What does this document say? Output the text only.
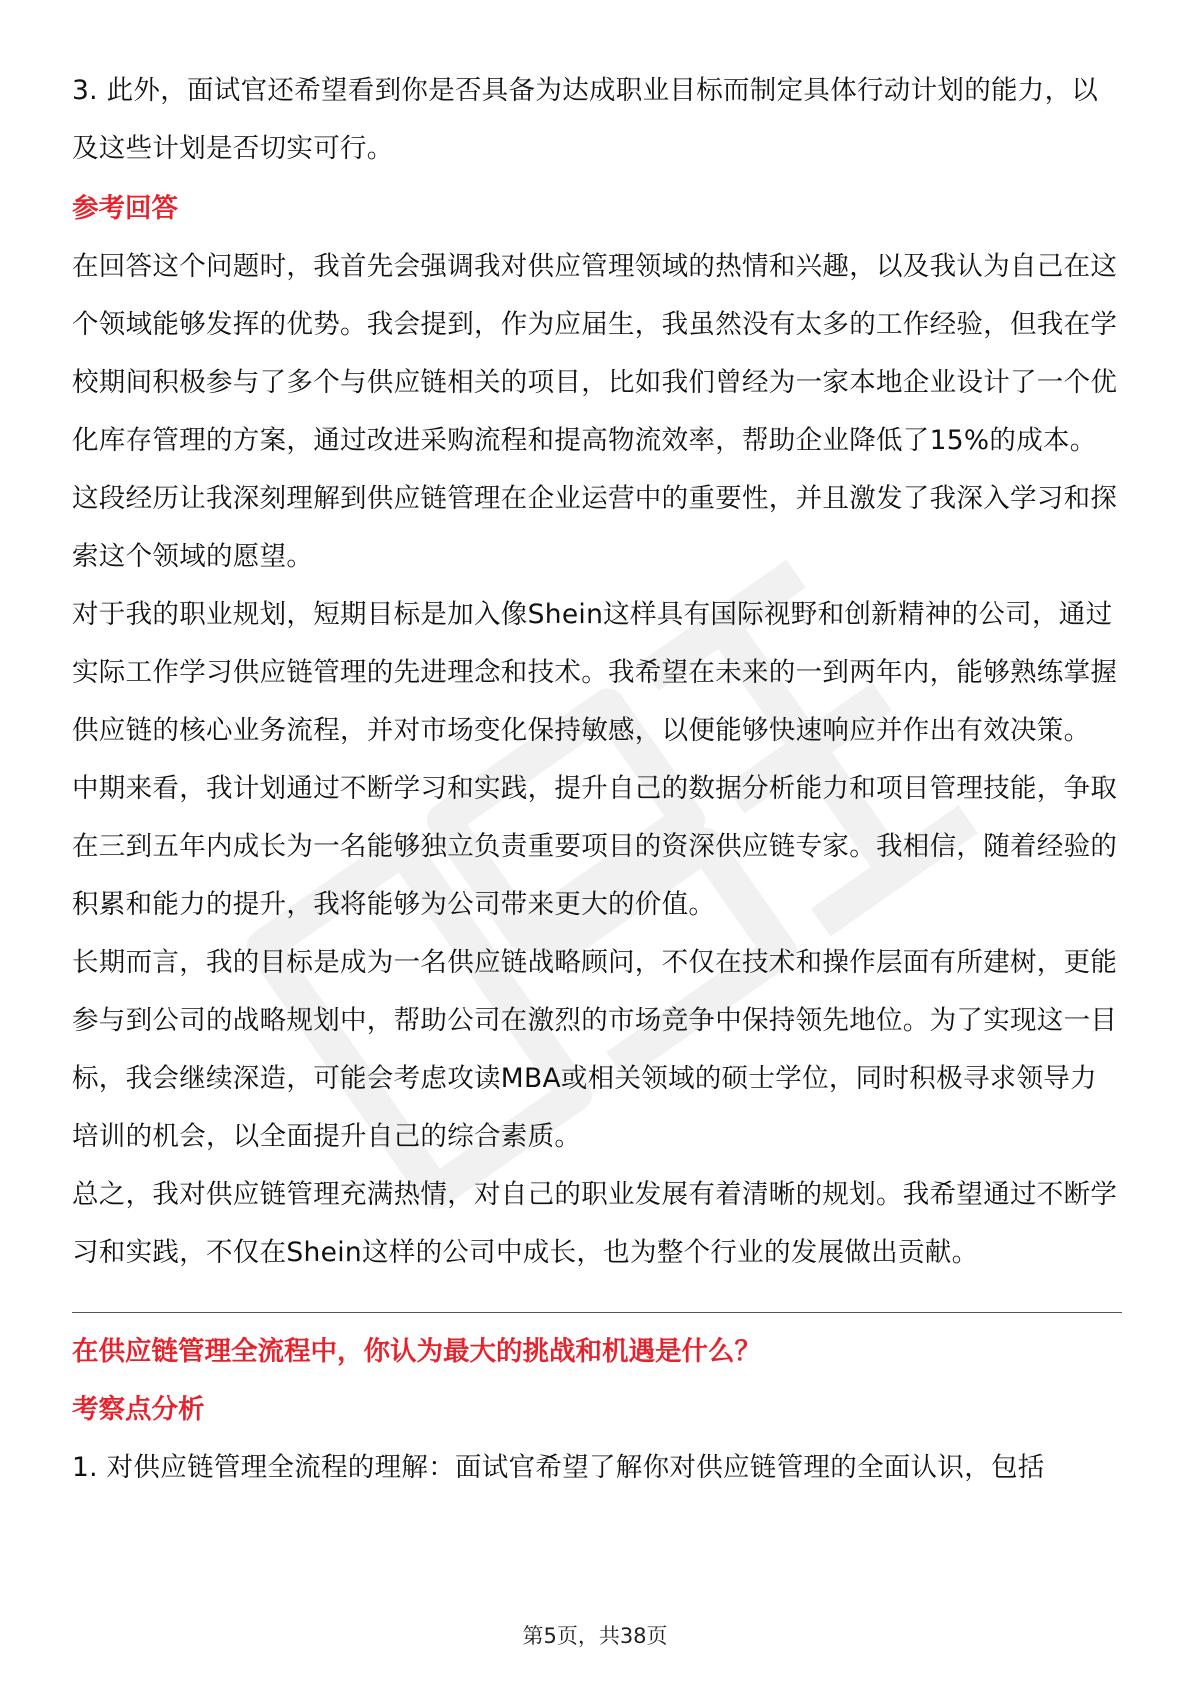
3. 此外，面试官还希望看到你是否具备为达成职业目标而制定具体行动计划的能力，以及这些计划是否切实可行。

参考回答

在回答这个问题时，我首先会强调我对供应管理领域的热情和兴趣，以及我认为自己在这个领域能够发挥的优势。我会提到，作为应届生，我虽然没有太多的工作经验，但我在学校期间积极参与了多个与供应链相关的项目，比如我们曾经为一家本地企业设计了一个优化库存管理的方案，通过改进采购流程和提高物流效率，帮助企业降低了15%的成本。这段经历让我深刻理解到供应链管理在企业运营中的重要性，并且激发了我深入学习和探索这个领域的愿望。

对于我的职业规划，短期目标是加入像Shein这样具有国际视野和创新精神的公司，通过实际工作学习供应链管理的先进理念和技术。我希望在未来的一到两年内，能够熟练掌握供应链的核心业务流程，并对市场变化保持敏感，以便能够快速响应并作出有效决策。

中期来看，我计划通过不断学习和实践，提升自己的数据分析能力和项目管理技能，争取在三到五年内成长为一名能够独立负责重要项目的资深供应链专家。我相信，随着经验的积累和能力的提升，我将能够为公司带来更大的价值。

长期而言，我的目标是成为一名供应链战略顾问，不仅在技术和操作层面有所建树，更能参与到公司的战略规划中，帮助公司在激烈的市场竞争中保持领先地位。为了实现这一目标，我会继续深造，可能会考虑攻读MBA或相关领域的硕士学位，同时积极寻求领导力培训的机会，以全面提升自己的综合素质。

总之，我对供应链管理充满热情，对自己的职业发展有着清晰的规划。我希望通过不断学习和实践，不仅在Shein这样的公司中成长，也为整个行业的发展做出贡献。

在供应链管理全流程中，你认为最大的挑战和机遇是什么？

考察点分析

1. 对供应链管理全流程的理解：面试官希望了解你对供应链管理的全面认识，包括

第5页，共38页
